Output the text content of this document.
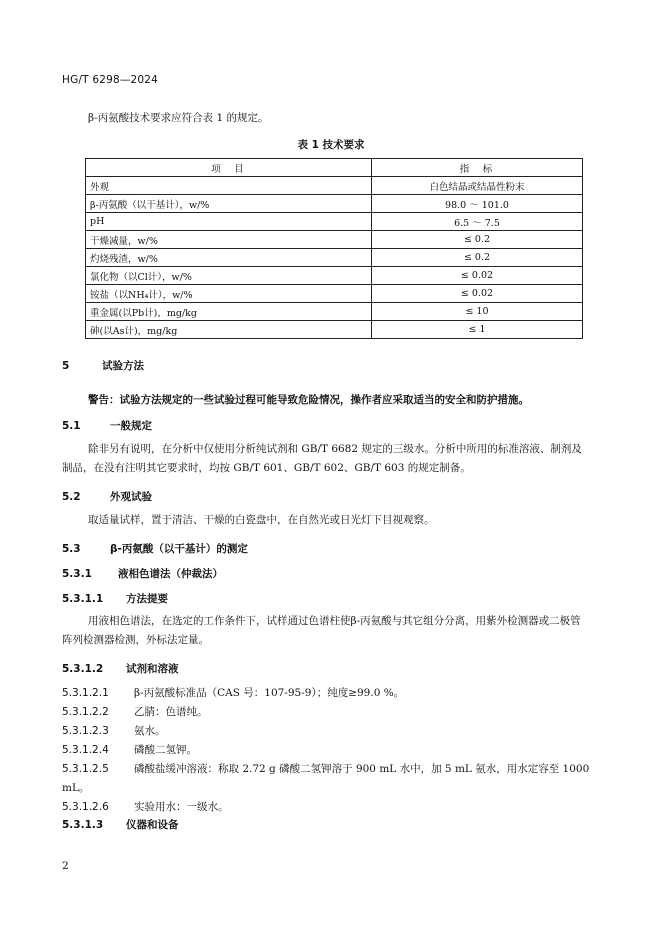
HG/T 6298—2024
β-丙氨酸技术要求应符合表 1 的规定。
表 1 技术要求
项　目	指　标
外观	白色结晶或结晶性粉末
β-丙氨酸（以干基计），w/%	98.0 ～ 101.0
pH	6.5 ～ 7.5
干燥减量，w/%	≤ 0.2
灼烧残渣，w/%	≤ 0.2
氯化物（以Cl计），w/%	≤ 0.02
铵盐（以NH₄计），w/%	≤ 0.02
重金属(以Pb计)，mg/kg	≤ 10
砷(以As计)，mg/kg	≤ 1
5	试验方法
警告：试验方法规定的一些试验过程可能导致危险情况，操作者应采取适当的安全和防护措施。
5.1	一般规定
除非另有说明，在分析中仅使用分析纯试剂和 GB/T 6682 规定的三级水。分析中所用的标准溶液、制剂及制品，在没有注明其它要求时，均按 GB/T 601、GB/T 602、GB/T 603 的规定制备。
5.2	外观试验
取适量试样，置于清洁、干燥的白瓷盘中，在自然光或日光灯下目视观察。
5.3	β-丙氨酸（以干基计）的测定
5.3.1 液相色谱法（仲裁法）
5.3.1.1 方法提要
用液相色谱法，在选定的工作条件下，试样通过色谱柱使β-丙氨酸与其它组分分离，用紫外检测器或二极管阵列检测器检测，外标法定量。
5.3.1.2 试剂和溶液
5.3.1.2.1 β-丙氨酸标准品（CAS 号：107-95-9）；纯度≥99.0 %。
5.3.1.2.2 乙腈：色谱纯。
5.3.1.2.3 氨水。
5.3.1.2.4 磷酸二氢钾。
5.3.1.2.5 磷酸盐缓冲溶液：称取 2.72 g 磷酸二氢钾溶于 900 mL 水中，加 5 mL 氨水，用水定容至 1000 mL。
5.3.1.2.6 实验用水：一级水。
5.3.1.3 仪器和设备
2
